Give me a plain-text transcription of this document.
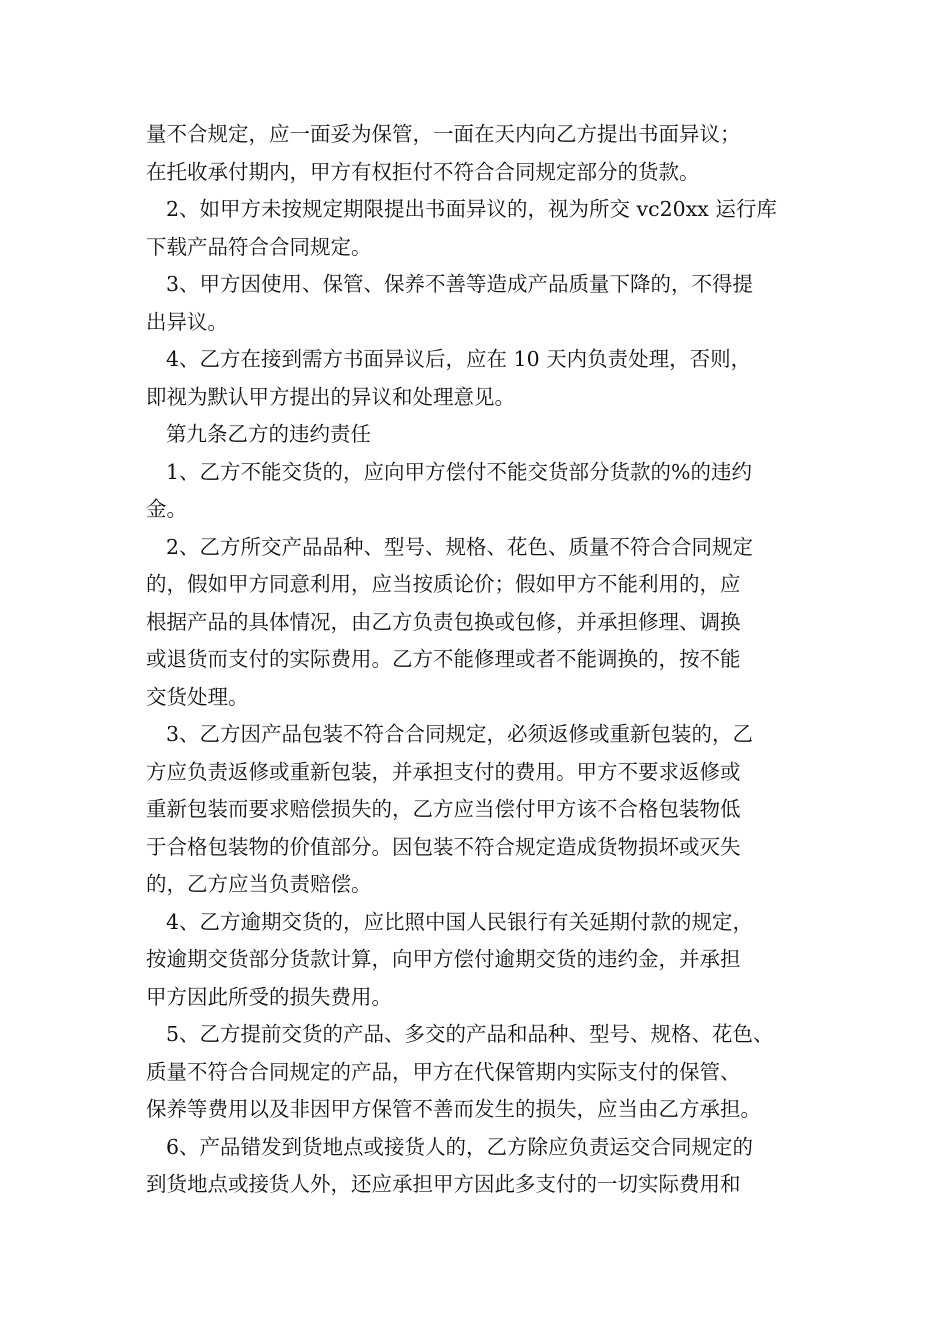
量不合规定，应一面妥为保管，一面在天内向乙方提出书面异议；
在托收承付期内，甲方有权拒付不符合合同规定部分的货款。
2、如甲方未按规定期限提出书面异议的，视为所交 vc20xx 运行库
下载产品符合合同规定。
3、甲方因使用、保管、保养不善等造成产品质量下降的，不得提
出异议。
4、乙方在接到需方书面异议后，应在 10 天内负责处理，否则，
即视为默认甲方提出的异议和处理意见。
第九条乙方的违约责任
1、乙方不能交货的，应向甲方偿付不能交货部分货款的%的违约
金。
2、乙方所交产品品种、型号、规格、花色、质量不符合合同规定
的，假如甲方同意利用，应当按质论价；假如甲方不能利用的，应
根据产品的具体情况，由乙方负责包换或包修，并承担修理、调换
或退货而支付的实际费用。乙方不能修理或者不能调换的，按不能
交货处理。
3、乙方因产品包装不符合合同规定，必须返修或重新包装的，乙
方应负责返修或重新包装，并承担支付的费用。甲方不要求返修或
重新包装而要求赔偿损失的，乙方应当偿付甲方该不合格包装物低
于合格包装物的价值部分。因包装不符合规定造成货物损坏或灭失
的，乙方应当负责赔偿。
4、乙方逾期交货的，应比照中国人民银行有关延期付款的规定，
按逾期交货部分货款计算，向甲方偿付逾期交货的违约金，并承担
甲方因此所受的损失费用。
5、乙方提前交货的产品、多交的产品和品种、型号、规格、花色、
质量不符合合同规定的产品，甲方在代保管期内实际支付的保管、
保养等费用以及非因甲方保管不善而发生的损失，应当由乙方承担。
6、产品错发到货地点或接货人的，乙方除应负责运交合同规定的
到货地点或接货人外，还应承担甲方因此多支付的一切实际费用和
